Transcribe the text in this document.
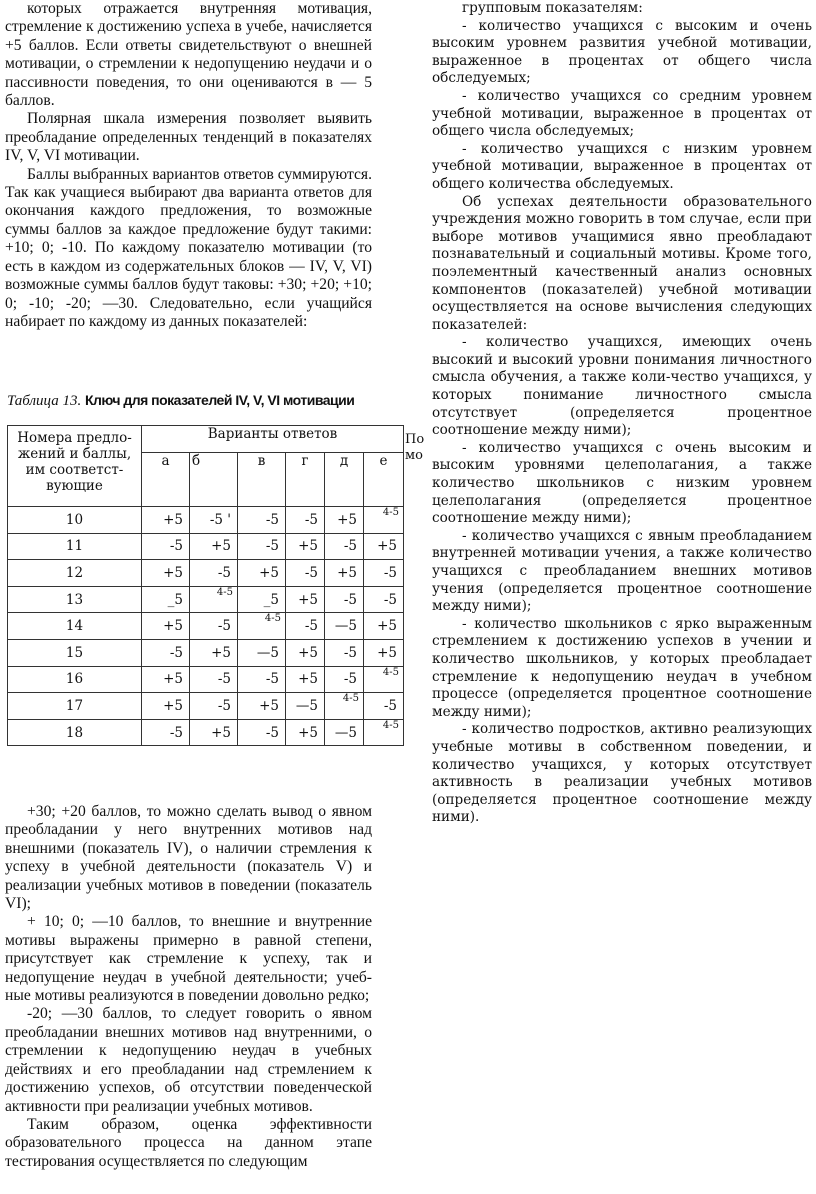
которых отражается внутренняя мотивация, стремление к достижению успеха в учебе, начисляется +5 баллов. Если ответы свидетельствуют о внешней мотивации, о стремлении к недопущению неудачи и о пассивности поведения, то они оцениваются в — 5 баллов.

Полярная шкала измерения позволяет выявить преобладание определенных тенденций в показателях IV, V, VI мотивации.

Баллы выбранных вариантов ответов суммируются. Так как учащиеся выбирают два варианта ответов для окончания каждого предложения, то возможные суммы баллов за каждое предложение будут такими: +10; 0; -10. По каждому показателю мотивации (то есть в каждом из содержательных блоков — IV, V, VI) возможные суммы баллов будут таковы: +30; +20; +10; 0; -10; -20; —30. Следовательно, если учащийся набирает по каждому из данных показателей:

Таблица 13. Ключ для показателей IV, V, VI мотивации
Номера предло-жений и баллы, им соответст-вующие	Варианты ответов					
	а	б	в	г	д	е
10	+5	-5 '	-5	-5	+5	4-5
11	-5	+5	-5	+5	-5	+5
12	+5	-5	+5	-5	+5	-5
13	_5	4-5	_5	+5	-5	-5
14	+5	-5	4-5	-5	—5	+5
15	-5	+5	—5	+5	-5	+5
16	+5	-5	-5	+5	-5	4-5
17	+5	-5	+5	—5	4-5	-5
18	-5	+5	-5	+5	—5	4-5
По мо

+30; +20 баллов, то можно сделать вывод о явном преобладании у него внутренних мотивов над внешними (показатель IV), о наличии стремления к успеху в учебной деятельности (показатель V) и реализации учебных мотивов в поведении (показатель VI);

+ 10; 0; —10 баллов, то внешние и внутренние мотивы выражены примерно в равной степени, присутствует как стремление к успеху, так и недопущение неудач в учебной деятельности; учеб-ные мотивы реализуются в поведении довольно редко;

-20; —30 баллов, то следует говорить о явном преобладании внешних мотивов над внутренними, о стремлении к недопущению неудач в учебных действиях и его преобладании над стремлением к достижению успехов, об отсутствии поведенческой активности при реализации учебных мотивов.

Таким образом, оценка эффективности образовательного процесса на данном этапе тестирования осуществляется по следующим

групповым показателям:

- количество учащихся с высоким и очень высоким уровнем развития учебной мотивации, выраженное в процентах от общего числа обследуемых;

- количество учащихся со средним уровнем учебной мотивации, выраженное в процентах от общего числа обследуемых;

- количество учащихся с низким уровнем учебной мотивации, выраженное в процентах от общего количества обследуемых.

Об успехах деятельности образовательного учреждения можно говорить в том случае, если при выборе мотивов учащимися явно преобладают познавательный и социальный мотивы. Кроме того, поэлементный качественный анализ основных компонентов (показателей) учебной мотивации осуществляется на основе вычисления следующих показателей:

- количество учащихся, имеющих очень высокий и высокий уровни понимания личностного смысла обучения, а также коли-чество учащихся, у которых понимание личностного смысла отсутствует (определяется процентное соотношение между ними);

- количество учащихся с очень высоким и высоким уровнями целеполагания, а также количество школьников с низким уровнем целеполагания (определяется процентное соотношение между ними);

- количество учащихся с явным преобладанием внутренней мотивации учения, а также количество учащихся с преобладанием внешних мотивов учения (определяется процентное соотношение между ними);

- количество школьников с ярко выраженным стремлением к достижению успехов в учении и количество школьников, у которых преобладает стремление к недопущению неудач в учебном процессе (определяется процентное соотношение между ними);

- количество подростков, активно реализующих учебные мотивы в собственном поведении, и количество учащихся, у которых отсутствует активность в реализации учебных мотивов (определяется процентное соотношение между ними).
